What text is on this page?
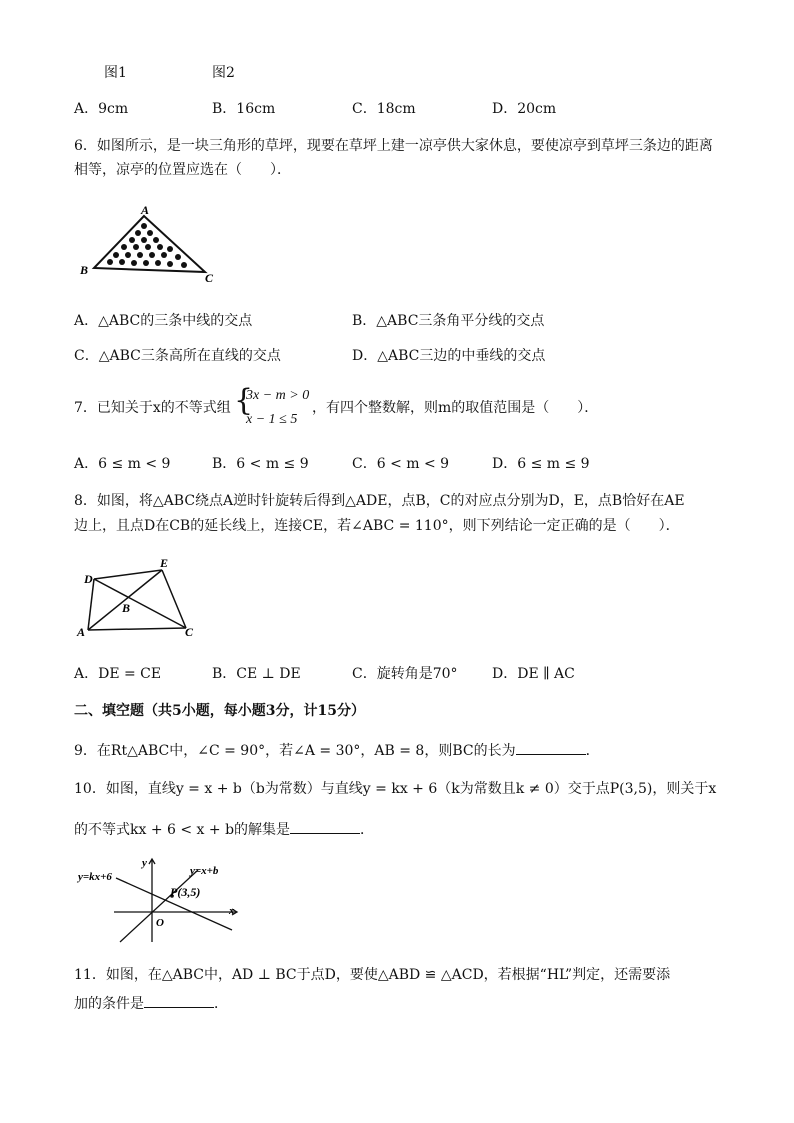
图1	图2
A．9cm	B．16cm	C．18cm	D．20cm
6．如图所示，是一块三角形的草坪，现要在草坪上建一凉亭供大家休息，要使凉亭到草坪三条边的距离
相等，凉亭的位置应选在（　　）．
A
B
C
A．△ABC的三条中线的交点	B．△ABC三条角平分线的交点
C．△ABC三条高所在直线的交点	D．△ABC三边的中垂线的交点
7．已知关于x的不等式组 {
3x − m > 0
x − 1 ≤ 5
，有四个整数解，则m的取值范围是（　　）．
A．6 ≤ m < 9	B．6 < m ≤ 9	C．6 < m < 9	D．6 ≤ m ≤ 9
8．如图，将△ABC绕点A逆时针旋转后得到△ADE，点B，C的对应点分别为D，E，点B恰好在AE
边上，且点D在CB的延长线上，连接CE，若∠ABC = 110°，则下列结论一定正确的是（　　）．
D
E
B
A	C
A．DE = CE	B．CE ⊥ DE	C．旋转角是70° D．DE ∥ AC
二、填空题（共5小题，每小题3分，计15分）
9．在Rt△ABC中，∠C = 90°，若∠A = 30°，AB = 8，则BC的长为	．
10．如图，直线y = x + b（b为常数）与直线y = kx + 6（k为常数且k ≠ 0）交于点P(3,5)，则关于x
的不等式kx + 6 < x + b的解集是	．
y=kx+6	y=x+b
P(3,5)
y
x
O
11．如图，在△ABC中，AD ⊥ BC于点D，要使△ABD ≌ △ACD，若根据“HL”判定，还需要添
加的条件是	．
